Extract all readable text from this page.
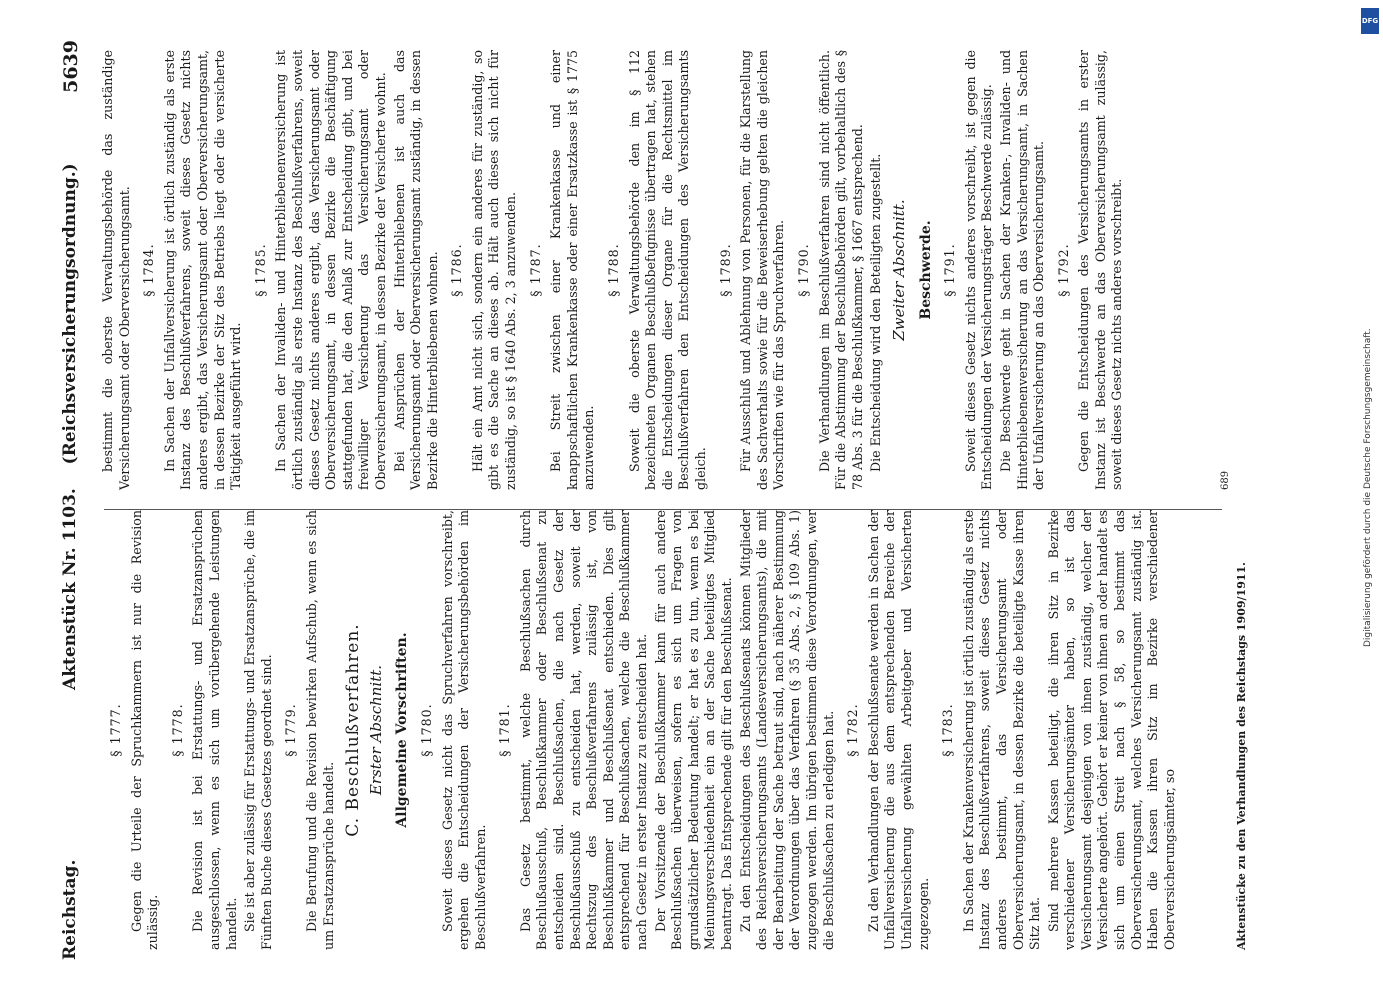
Reichstag.
Aktenstück Nr. 1103.    (Reichsversicherungsordnung.)
5639
§ 1777. Gegen die Urteile der Spruchkammern ist nur die Revision zulässig.
§ 1778. Die Revision ist bei Erstattungs- und Ersatzansprüchen ausgeschlossen, wenn es sich um vorübergehende Leistungen handelt. Sie ist aber zulässig für Erstattungs- und Ersatzansprüche, die im Fünften Buche dieses Gesetzes geordnet sind. § 1779. Die Berufung und die Revision bewirken Aufschub, wenn es sich um Ersatzansprüche handelt.
C. Beschlußverfahren. Erster Abschnitt. Allgemeine Vorschriften. § 1780. Soweit dieses Gesetz nicht das Spruchverfahren vorschreibt, ergehen die Entscheidungen der Versicherungsbehörden im Beschlußverfahren.
§ 1781. Das Gesetz bestimmt, welche Beschlußsachen durch Beschlußausschuß, Beschlußkammer oder Beschlußsenat zu entscheiden sind. Beschlußsachen, die nach Gesetz der Beschlußausschuß zu entscheiden hat, werden, soweit der Rechtszug des Beschlußverfahrens zulässig ist, von Beschlußkammer und Beschlußsenat entschieden. Dies gilt entsprechend für Beschlußsachen, welche die Beschlußkammer nach Gesetz in erster Instanz zu entscheiden hat. Der Vorsitzende der Beschlußkammer kann für auch andere Beschlußsachen überweisen, sofern es sich um Fragen von grundsätzlicher Bedeutung handelt; er hat es zu tun, wenn es bei Meinungsverschiedenheit ein an der Sache beteiligtes Mitglied beantragt. Das Entsprechende gilt für den Beschlußsenat. Zu den Entscheidungen des Beschlußsenats können Mitglieder des Reichsversicherungsamts (Landesversicherungsamts), die mit der Bearbeitung der Sache betraut sind, nach näherer Bestimmung der Verordnungen über das Verfahren (§ 35 Abs. 2, § 109 Abs. 1) zugezogen werden. Im übrigen bestimmen diese Verordnungen, wer die Beschlußsachen zu erledigen hat. § 1782. Zu den Verhandlungen der Beschlußsenate werden in Sachen der Unfallversicherung die aus dem entsprechenden Bereiche der Unfallversicherung gewählten Arbeitgeber und Versicherten zugezogen.
§ 1783. In Sachen der Krankenversicherung ist örtlich zuständig als erste Instanz des Beschlußverfahrens, soweit dieses Gesetz nichts anderes bestimmt, das Versicherungsamt oder Oberversicherungsamt, in dessen Bezirke die beteiligte Kasse ihren Sitz hat. Sind mehrere Kassen beteiligt, die ihren Sitz in Bezirke verschiedener Versicherungsämter haben, so ist das Versicherungsamt desjenigen von ihnen zuständig, welcher der Versicherte angehört. Gehört er keiner von ihnen an oder handelt es sich um einen Streit nach § 58, so bestimmt das Oberversicherungsamt, welches Versicherungsamt zuständig ist. Haben die Kassen ihren Sitz im Bezirke verschiedener Oberversicherungsämter, so
bestimmt die oberste Verwaltungsbehörde das zuständige Versicherungsamt oder Oberversicherungsamt. § 1784. In Sachen der Unfallversicherung ist örtlich zuständig als erste Instanz des Beschlußverfahrens, soweit dieses Gesetz nichts anderes ergibt, das Versicherungsamt oder Oberversicherungsamt, in dessen Bezirke der Sitz des Betriebs liegt oder die versicherte Tätigkeit ausgeführt wird.
§ 1785. In Sachen der Invaliden- und Hinterbliebenenversicherung ist örtlich zuständig als erste Instanz des Beschlußverfahrens, soweit dieses Gesetz nichts anderes ergibt, das Versicherungsamt oder Oberversicherungsamt, in dessen Bezirke die Beschäftigung stattgefunden hat, die den Anlaß zur Entscheidung gibt, und bei freiwilliger Versicherung das Versicherungsamt oder Oberversicherungsamt, in dessen Bezirke der Versicherte wohnt. Bei Ansprüchen der Hinterbliebenen ist auch das Versicherungsamt oder Oberversicherungsamt zuständig, in dessen Bezirke die Hinterbliebenen wohnen. § 1786. Hält ein Amt nicht sich, sondern ein anderes für zuständig, so gibt es die Sache an dieses ab. Hält auch dieses sich nicht für zuständig, so ist § 1640 Abs. 2, 3 anzuwenden. § 1787. Bei Streit zwischen einer Krankenkasse und einer knappschaftlichen Krankenkasse oder einer Ersatzkasse ist § 1775 anzuwenden.
§ 1788. Soweit die oberste Verwaltungsbehörde den im § 112 bezeichneten Organen Beschlußbefugnisse übertragen hat, stehen die Entscheidungen dieser Organe für die Rechtsmittel im Beschlußverfahren den Entscheidungen des Versicherungsamts gleich.
§ 1789. Für Ausschluß und Ablehnung von Personen, für die Klarstellung des Sachverhalts sowie für die Beweiserhebung gelten die gleichen Vorschriften wie für das Spruchverfahren. § 1790. Die Verhandlungen im Beschlußverfahren sind nicht öffentlich. Für die Abstimmung der Beschlußbehörden gilt, vorbehaltlich des § 78 Abs. 3 für die Beschlußkammer, § 1667 entsprechend. Die Entscheidung wird den Beteiligten zugestellt. Zweiter Abschnitt. Beschwerde. § 1791. Soweit dieses Gesetz nichts anderes vorschreibt, ist gegen die Entscheidungen der Versicherungsträger Beschwerde zulässig. Die Beschwerde geht in Sachen der Kranken-, Invaliden- und Hinterbliebenenversicherung an das Versicherungsamt, in Sachen der Unfallversicherung an das Oberversicherungsamt. § 1792. Gegen die Entscheidungen des Versicherungsamts in erster Instanz ist Beschwerde an das Oberversicherungsamt zulässig, soweit dieses Gesetz nichts anderes vorschreibt.
Aktenstücke zu den Verhandlungen des Reichstags 1909/1911.
689
DFG
Digitalisierung gefördert durch die Deutsche Forschungsgemeinschaft.
